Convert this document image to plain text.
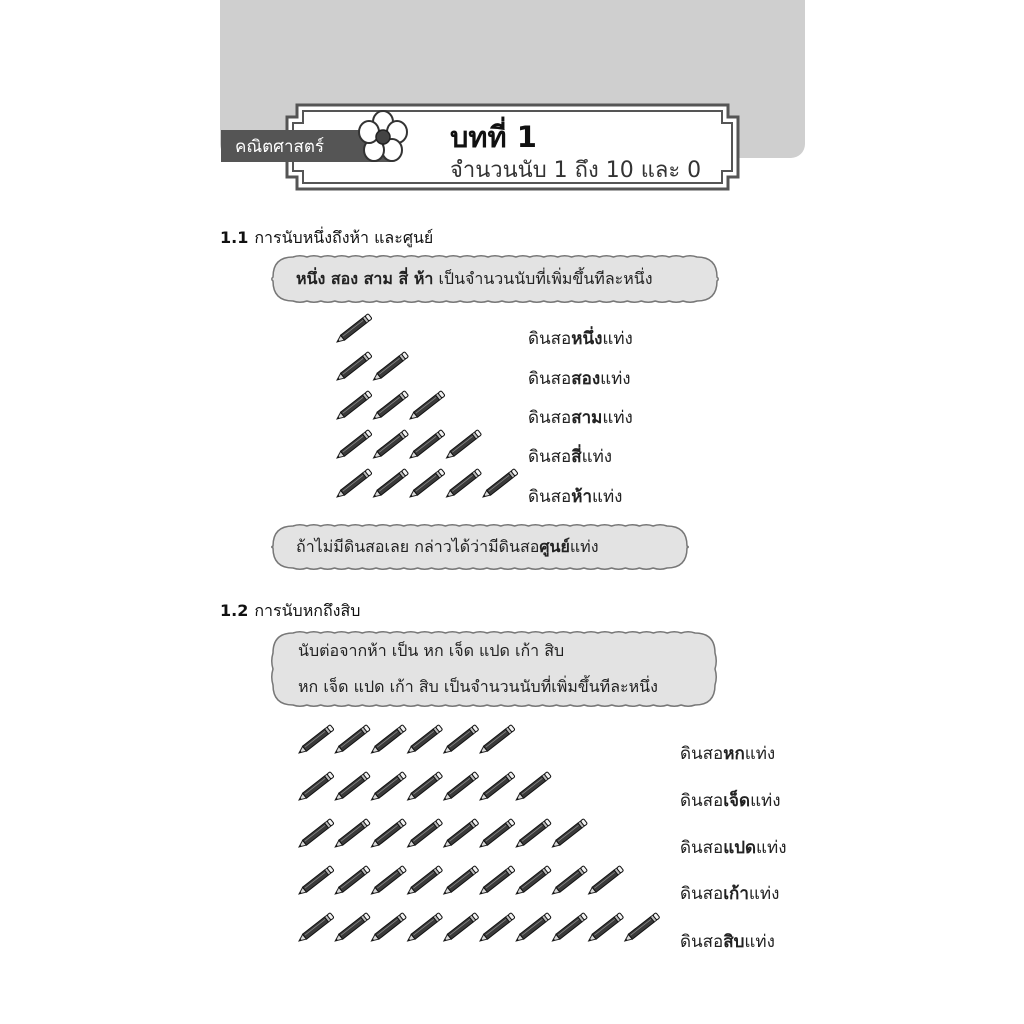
คณิตศาสตร์	บทที่ 1
จำนวนนับ 1 ถึง 10 และ 0
1.1 การนับหนึ่งถึงห้า และศูนย์
หนึ่ง สอง สาม สี่ ห้า เป็นจำนวนนับที่เพิ่มขึ้นทีละหนึ่ง
ดินสอหนึ่งแท่ง
ดินสอสองแท่ง
ดินสอสามแท่ง
ดินสอสี่แท่ง
ดินสอห้าแท่ง
ถ้าไม่มีดินสอเลย กล่าวได้ว่ามีดินสอศูนย์แท่ง
1.2 การนับหกถึงสิบ
นับต่อจากห้า เป็น หก เจ็ด แปด เก้า สิบ
หก เจ็ด แปด เก้า สิบ เป็นจำนวนนับที่เพิ่มขึ้นทีละหนึ่ง
ดินสอหกแท่ง
ดินสอเจ็ดแท่ง
ดินสอแปดแท่ง
ดินสอเก้าแท่ง
ดินสอสิบแท่ง
